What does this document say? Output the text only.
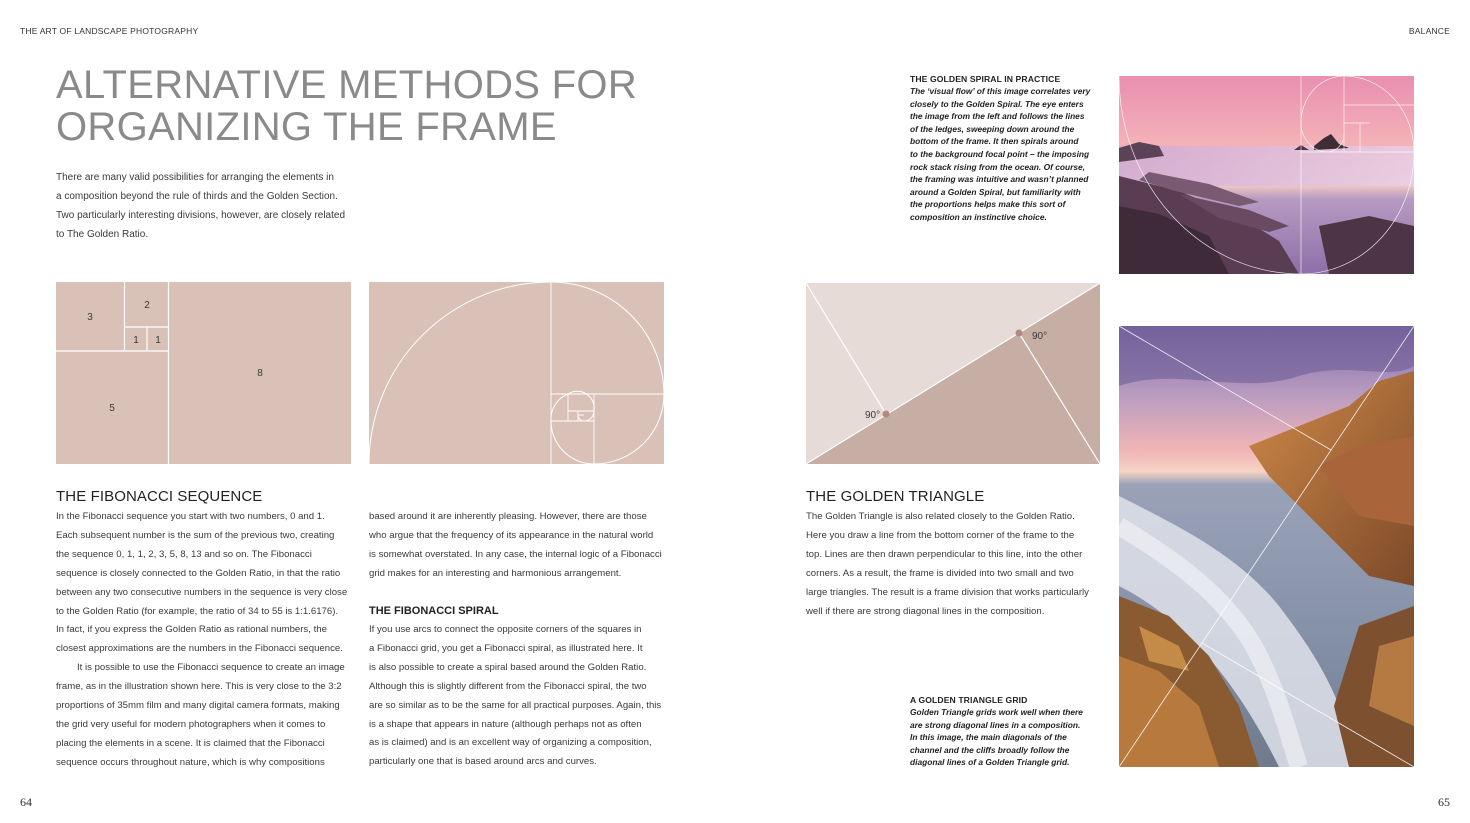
THE ART OF LANDSCAPE PHOTOGRAPHY	BALANCE
ALTERNATIVE METHODS FOR
ORGANIZING THE FRAME

There are many valid possibilities for arranging the elements in

a composition beyond the rule of thirds and the Golden Section.

Two particularly interesting divisions, however, are closely related

to The Golden Ratio.

3
2
1 1
8
5
90°
90°
THE FIBONACCI SEQUENCE

In the Fibonacci sequence you start with two numbers, 0 and 1.

Each subsequent number is the sum of the previous two, creating

the sequence 0, 1, 1, 2, 3, 5, 8, 13 and so on. The Fibonacci

sequence is closely connected to the Golden Ratio, in that the ratio

between any two consecutive numbers in the sequence is very close

to the Golden Ratio (for example, the ratio of 34 to 55 is 1:1.6176).

In fact, if you express the Golden Ratio as rational numbers, the

closest approximations are the numbers in the Fibonacci sequence.

It is possible to use the Fibonacci sequence to create an image

frame, as in the illustration shown here. This is very close to the 3:2

proportions of 35mm film and many digital camera formats, making

the grid very useful for modern photographers when it comes to

placing the elements in a scene. It is claimed that the Fibonacci

sequence occurs throughout nature, which is why compositions

based around it are inherently pleasing. However, there are those

who argue that the frequency of its appearance in the natural world

is somewhat overstated. In any case, the internal logic of a Fibonacci

grid makes for an interesting and harmonious arrangement.

THE FIBONACCI SPIRAL

If you use arcs to connect the opposite corners of the squares in

a Fibonacci grid, you get a Fibonacci spiral, as illustrated here. It

is also possible to create a spiral based around the Golden Ratio.

Although this is slightly different from the Fibonacci spiral, the two

are so similar as to be the same for all practical purposes. Again, this

is a shape that appears in nature (although perhaps not as often

as is claimed) and is an excellent way of organizing a composition,

particularly one that is based around arcs and curves.

THE GOLDEN TRIANGLE

The Golden Triangle is also related closely to the Golden Ratio.

Here you draw a line from the bottom corner of the frame to the

top. Lines are then drawn perpendicular to this line, into the other

corners. As a result, the frame is divided into two small and two

large triangles. The result is a frame division that works particularly

well if there are strong diagonal lines in the composition.

THE GOLDEN SPIRAL IN PRACTICE
The ‘visual flow’ of this image correlates very
closely to the Golden Spiral. The eye enters
the image from the left and follows the lines
of the ledges, sweeping down around the
bottom of the frame. It then spirals around
to the background focal point – the imposing
rock stack rising from the ocean. Of course,
the framing was intuitive and wasn’t planned
around a Golden Spiral, but familiarity with
the proportions helps make this sort of
composition an instinctive choice.
A GOLDEN TRIANGLE GRID
Golden Triangle grids work well when there
are strong diagonal lines in a composition.
In this image, the main diagonals of the
channel and the cliffs broadly follow the
diagonal lines of a Golden Triangle grid.
64	65
